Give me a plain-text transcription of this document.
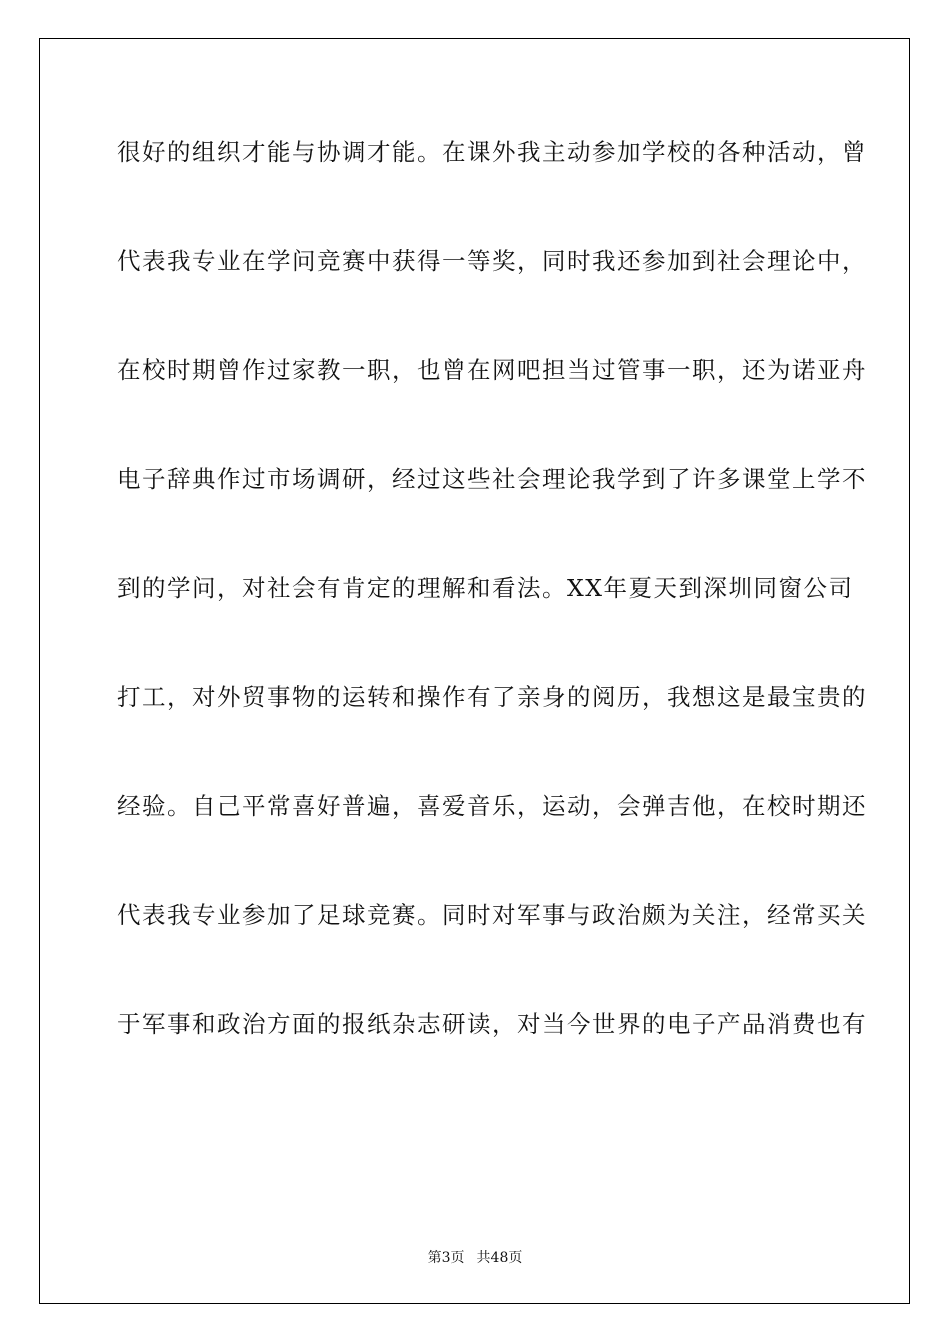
很好的组织才能与协调才能。在课外我主动参加学校的各种活动，曾
代表我专业在学问竞赛中获得一等奖，同时我还参加到社会理论中，
在校时期曾作过家教一职，也曾在网吧担当过管事一职，还为诺亚舟
电子辞典作过市场调研，经过这些社会理论我学到了许多课堂上学不
到的学问，对社会有肯定的理解和看法。XX年夏天到深圳同窗公司
打工，对外贸事物的运转和操作有了亲身的阅历，我想这是最宝贵的
经验。自己平常喜好普遍，喜爱音乐，运动，会弹吉他，在校时期还
代表我专业参加了足球竞赛。同时对军事与政治颇为关注，经常买关
于军事和政治方面的报纸杂志研读，对当今世界的电子产品消费也有
第3页 共48页
